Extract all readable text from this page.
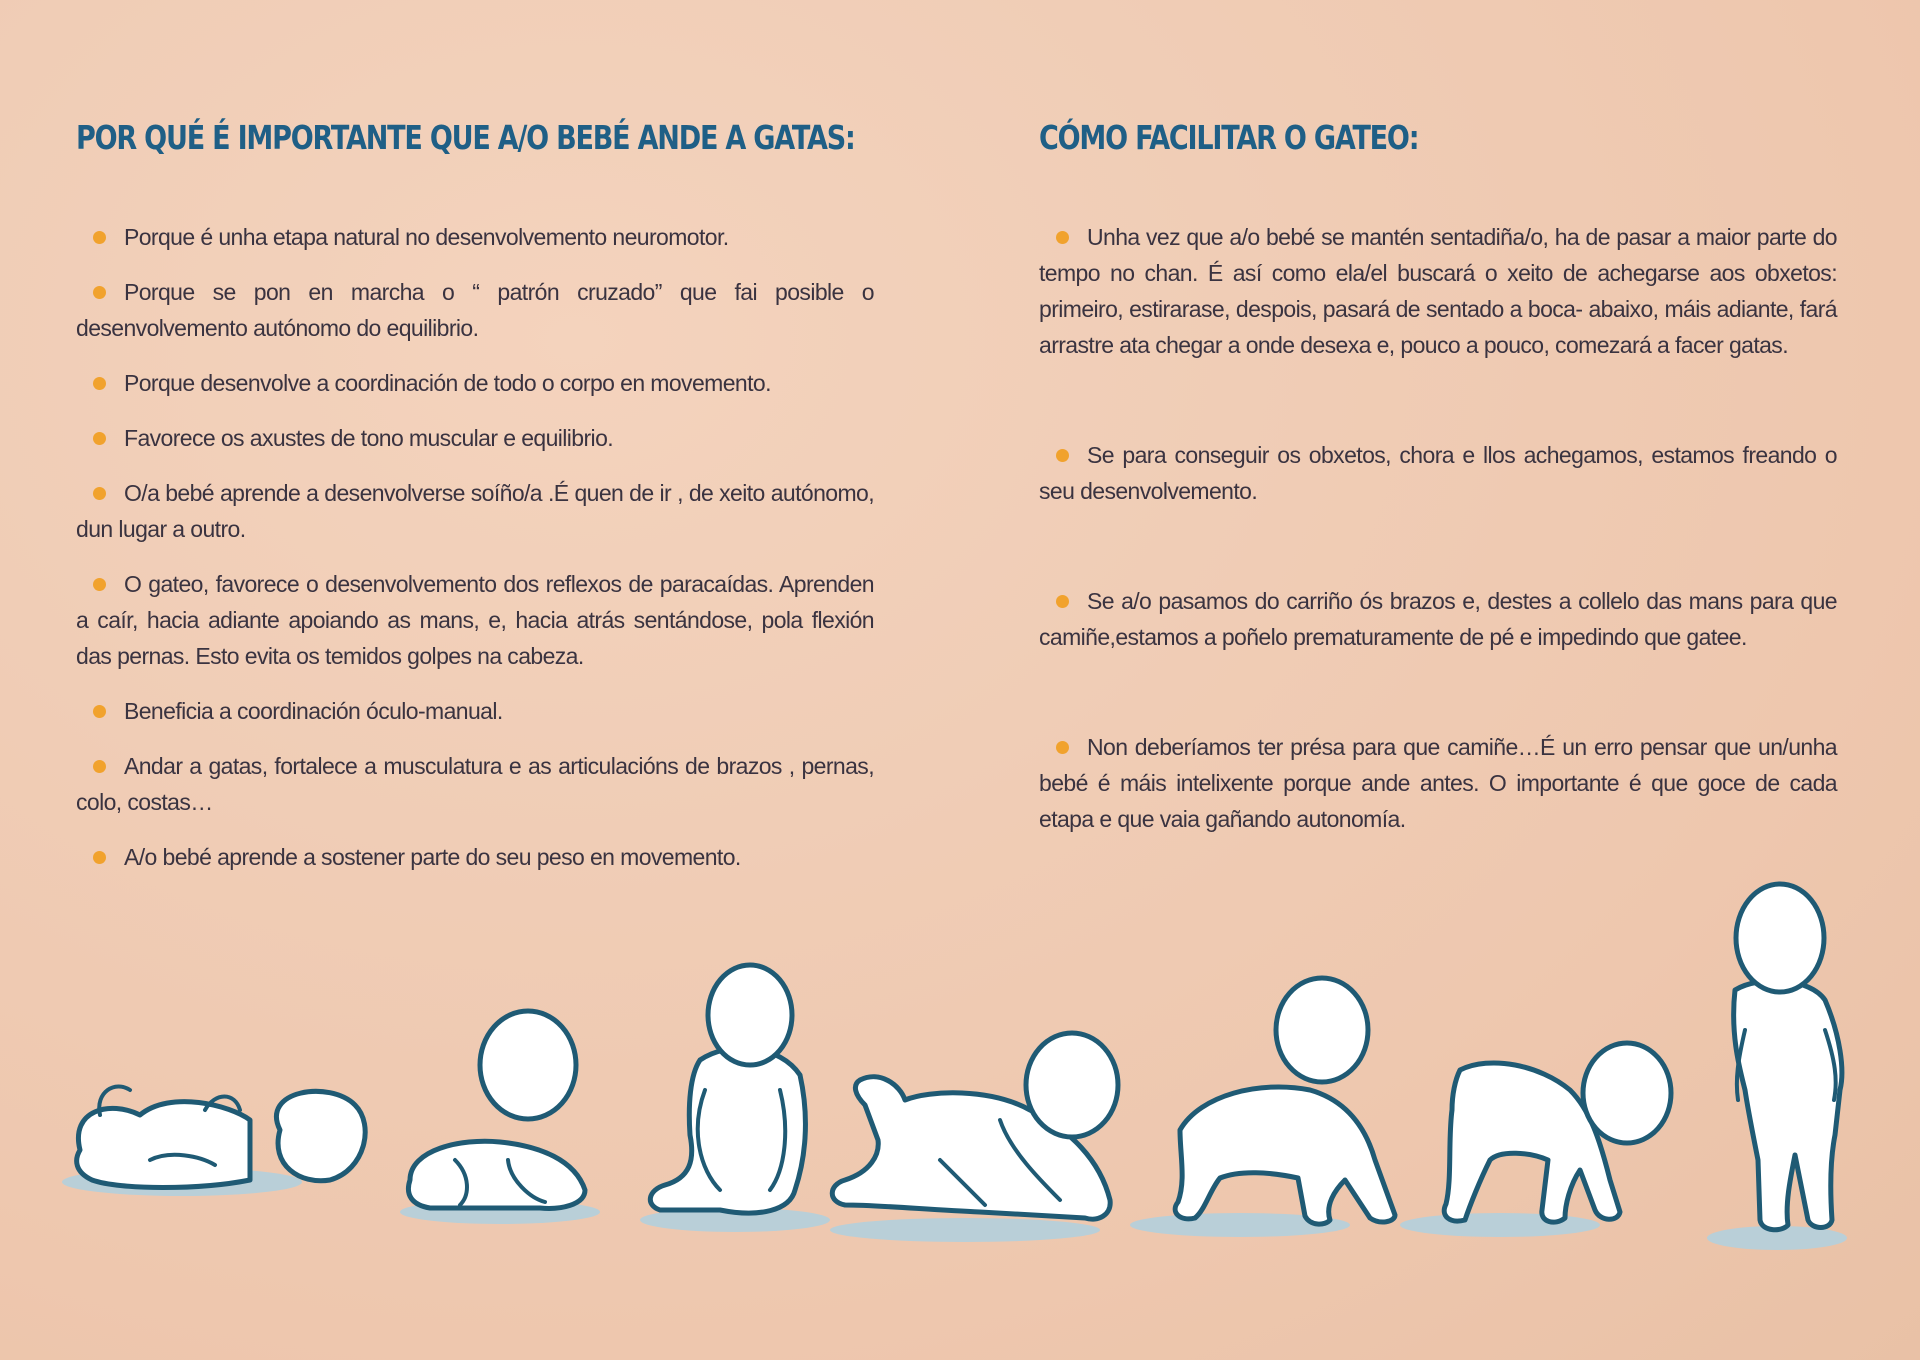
POR QUÉ É IMPORTANTE QUE A/O BEBÉ ANDE A GATAS:
Porque é unha etapa natural no desenvolvemento neuromotor.
Porque se pon en marcha o “ patrón cruzado” que fai posible o desenvolvemento autónomo do equilibrio.
Porque desenvolve a coordinación de todo o corpo en movemento.
Favorece os axustes de tono muscular e equilibrio.
O/a bebé aprende a desenvolverse soíño/a .É quen de ir , de xeito autónomo, dun lugar a outro.
O gateo, favorece o desenvolvemento dos reflexos de paracaídas. Aprenden a caír, hacia adiante apoiando as mans, e, hacia atrás sentándose, pola flexión das pernas. Esto evita os temidos golpes na cabeza.
Beneficia a coordinación óculo-manual.
Andar a gatas, fortalece a musculatura e as articulacións de brazos , pernas, colo, costas…
A/o bebé aprende a sostener parte do seu peso en movemento.
CÓMO FACILITAR O GATEO:
Unha vez que a/o bebé se mantén sentadiña/o, ha de pasar a maior parte do tempo no chan. É así como ela/el buscará o xeito de achegarse aos obxetos: primeiro, estirarase, despois, pasará de sentado a boca- abaixo, máis adiante, fará arrastre ata chegar a onde desexa e, pouco a pouco, comezará a facer gatas.
Se para conseguir os obxetos, chora e llos achegamos, estamos freando o seu desenvolvemento.
Se a/o pasamos do carriño ós brazos e, destes a collelo das mans para que camiñe,estamos a poñelo prematuramente de pé e impedindo que gatee.
Non deberíamos ter présa para que camiñe…É un erro pensar que un/unha bebé é máis intelixente porque ande antes. O importante é que goce de cada etapa e que vaia gañando autonomía.
